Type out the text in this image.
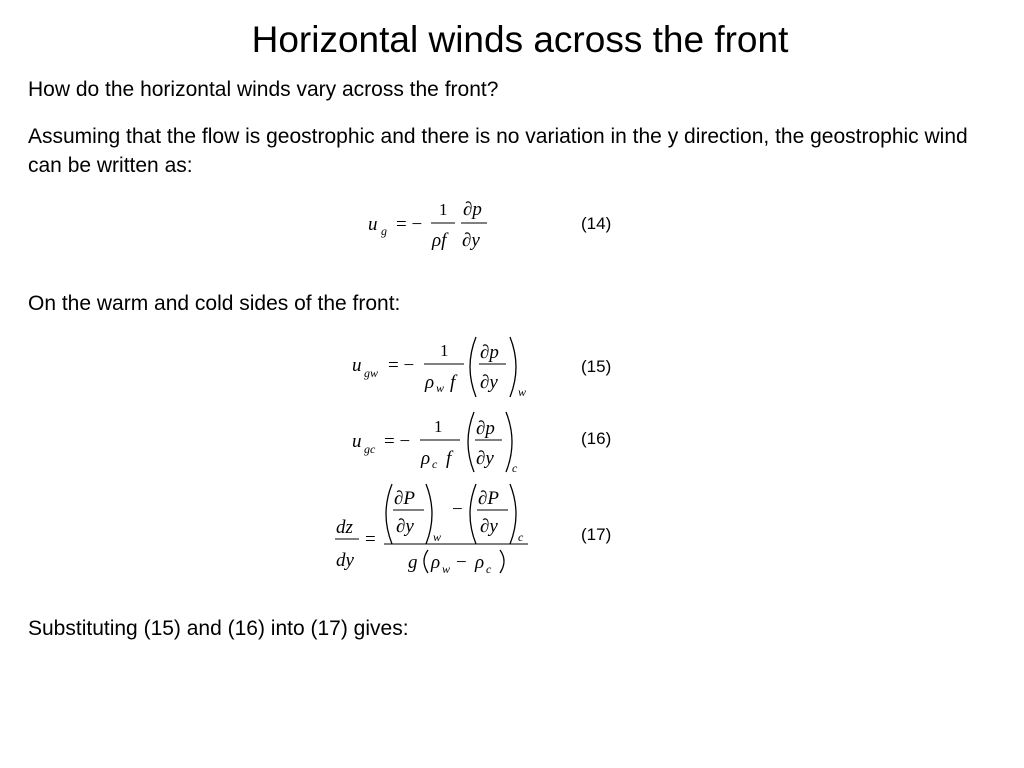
Horizontal winds across the front
How do the horizontal winds vary across the front?
Assuming that the flow is geostrophic and there is no variation in the y direction, the geostrophic wind can be written as:
u g = −
1
ρf
∂p
∂y
(14)
On the warm and cold sides of the front:
u gw = −
1
ρ w f
∂p
∂y w
(15)
u gc = −
1
ρ c f
∂p
∂y c
(16)
dz
dy
=
∂P
∂y w
−
∂P
∂y c
g ρ w − ρ c
(17)
Substituting (15) and (16) into (17) gives:
